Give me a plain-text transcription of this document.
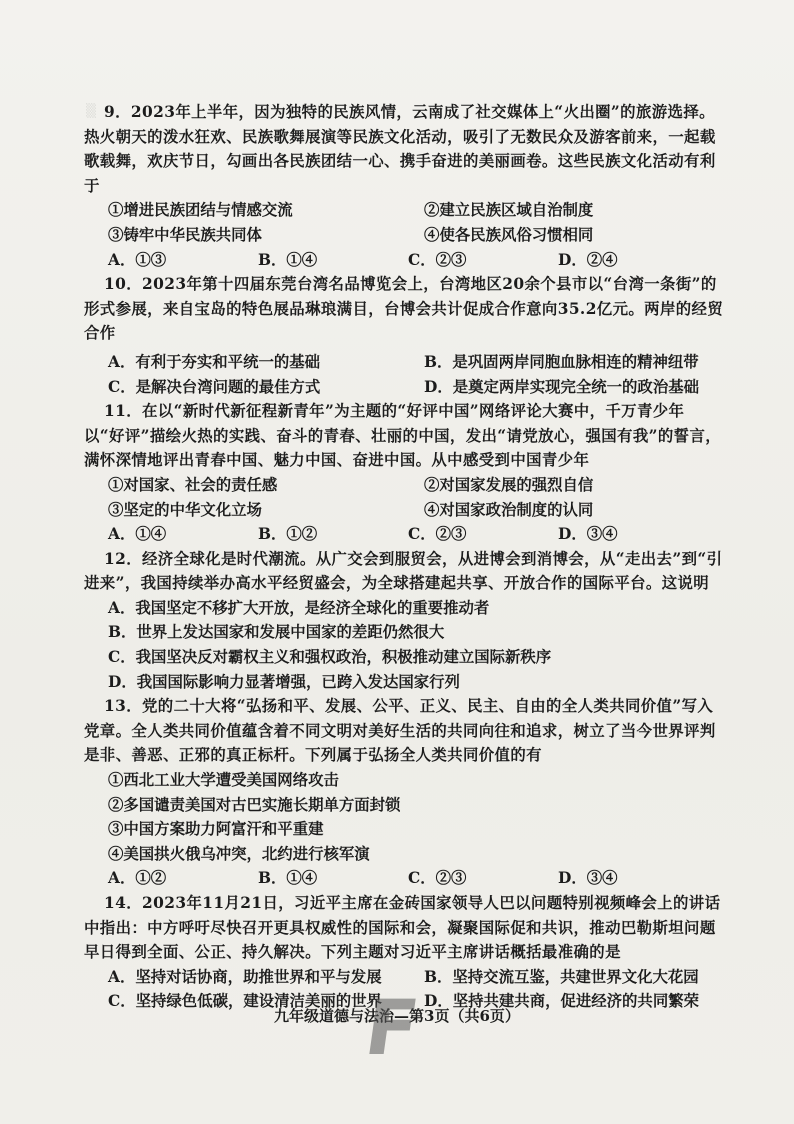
▒ 9．2023年上半年，因为独特的民族风情，云南成了社交媒体上“火出圈”的旅游选择。热火朝天的泼水狂欢、民族歌舞展演等民族文化活动，吸引了无数民众及游客前来，一起载歌载舞，欢庆节日，勾画出各民族团结一心、携手奋进的美丽画卷。这些民族文化活动有利于

①增进民族团结与情感交流	②建立民族区域自治制度
③铸牢中华民族共同体	④使各民族风俗习惯相同
A．①③	B．①④	C．②③	D．②④

10．2023年第十四届东莞台湾名品博览会上，台湾地区20余个县市以“台湾一条街”的形式参展，来自宝岛的特色展品琳琅满目，台博会共计促成合作意向35.2亿元。两岸的经贸合作

A．有利于夯实和平统一的基础	B．是巩固两岸同胞血脉相连的精神纽带
C．是解决台湾问题的最佳方式	D．是奠定两岸实现完全统一的政治基础

11．在以“新时代新征程新青年”为主题的“好评中国”网络评论大赛中，千万青少年以“好评”描绘火热的实践、奋斗的青春、壮丽的中国，发出“请党放心，强国有我”的誓言，满怀深情地评出青春中国、魅力中国、奋进中国。从中感受到中国青少年

①对国家、社会的责任感	②对国家发展的强烈自信
③坚定的中华文化立场	④对国家政治制度的认同
A．①④	B．①②	C．②③	D．③④

12．经济全球化是时代潮流。从广交会到服贸会，从进博会到消博会，从“走出去”到“引进来”，我国持续举办高水平经贸盛会，为全球搭建起共享、开放合作的国际平台。这说明

A．我国坚定不移扩大开放，是经济全球化的重要推动者

B．世界上发达国家和发展中国家的差距仍然很大

C．我国坚决反对霸权主义和强权政治，积极推动建立国际新秩序

D．我国国际影响力显著增强，已跨入发达国家行列

13．党的二十大将“弘扬和平、发展、公平、正义、民主、自由的全人类共同价值”写入党章。全人类共同价值蕴含着不同文明对美好生活的共同向往和追求，树立了当今世界评判是非、善恶、正邪的真正标杆。下列属于弘扬全人类共同价值的有

①西北工业大学遭受美国网络攻击

②多国谴责美国对古巴实施长期单方面封锁

③中国方案助力阿富汗和平重建

④美国拱火俄乌冲突，北约进行核军演

A．①②	B．①④	C．②③	D．③④

14．2023年11月21日，习近平主席在金砖国家领导人巴以问题特别视频峰会上的讲话中指出：中方呼吁尽快召开更具权威性的国际和会，凝聚国际促和共识，推动巴勒斯坦问题早日得到全面、公正、持久解决。下列主题对习近平主席讲话概括最准确的是

A．坚持对话协商，助推世界和平与发展	B．坚持交流互鉴，共建世界文化大花园
C．坚持绿色低碳，建设清洁美丽的世界	D．坚持共建共商，促进经济的共同繁荣
九年级道德与法治—第3页（共6页）
F
